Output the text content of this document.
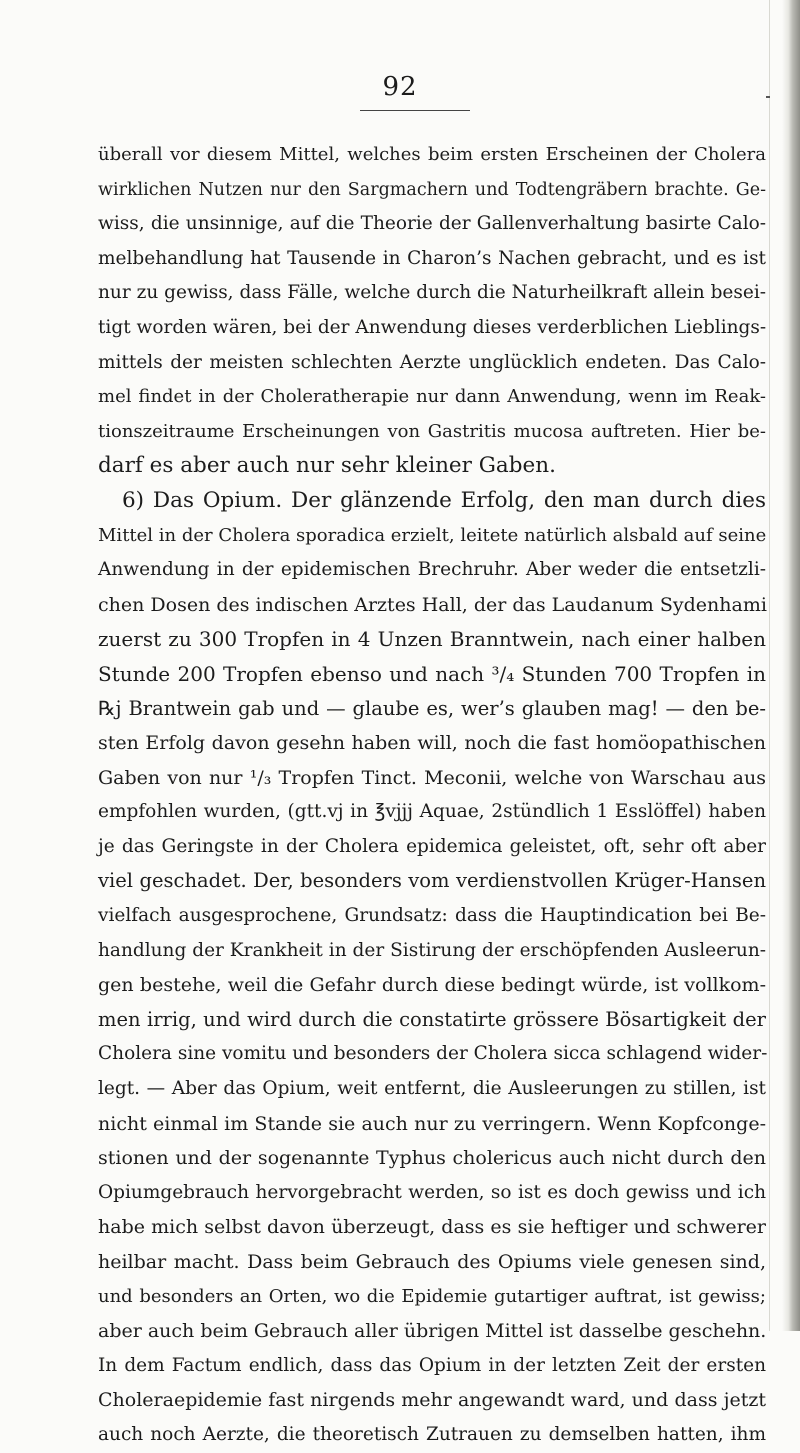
92
überall vor diesem Mittel, welches beim ersten Erscheinen der Cholera
wirklichen Nutzen nur den Sargmachern und Todtengräbern brachte. Ge-
wiss, die unsinnige, auf die Theorie der Gallenverhaltung basirte Calo-
melbehandlung hat Tausende in Charon’s Nachen gebracht, und es ist
nur zu gewiss, dass Fälle, welche durch die Naturheilkraft allein besei-
tigt worden wären, bei der Anwendung dieses verderblichen Lieblings-
mittels der meisten schlechten Aerzte unglücklich endeten. Das Calo-
mel findet in der Choleratherapie nur dann Anwendung, wenn im Reak-
tionszeitraume Erscheinungen von Gastritis mucosa auftreten. Hier be-
darf es aber auch nur sehr kleiner Gaben.
6) Das Opium. Der glänzende Erfolg, den man durch dies
Mittel in der Cholera sporadica erzielt, leitete natürlich alsbald auf seine
Anwendung in der epidemischen Brechruhr. Aber weder die entsetzli-
chen Dosen des indischen Arztes Hall, der das Laudanum Sydenhami
zuerst zu 300 Tropfen in 4 Unzen Branntwein, nach einer halben
Stunde 200 Tropfen ebenso und nach ³/₄ Stunden 700 Tropfen in
℞j Brantwein gab und — glaube es, wer’s glauben mag! — den be-
sten Erfolg davon gesehn haben will, noch die fast homöopathischen
Gaben von nur ¹/₃ Tropfen Tinct. Meconii, welche von Warschau aus
empfohlen wurden, (gtt.vj in ℥vjjj Aquae, 2stündlich 1 Esslöffel) haben
je das Geringste in der Cholera epidemica geleistet, oft, sehr oft aber
viel geschadet. Der, besonders vom verdienstvollen Krüger-Hansen
vielfach ausgesprochene, Grundsatz: dass die Hauptindication bei Be-
handlung der Krankheit in der Sistirung der erschöpfenden Ausleerun-
gen bestehe, weil die Gefahr durch diese bedingt würde, ist vollkom-
men irrig, und wird durch die constatirte grössere Bösartigkeit der
Cholera sine vomitu und besonders der Cholera sicca schlagend wider-
legt. — Aber das Opium, weit entfernt, die Ausleerungen zu stillen, ist
nicht einmal im Stande sie auch nur zu verringern. Wenn Kopfconge-
stionen und der sogenannte Typhus cholericus auch nicht durch den
Opiumgebrauch hervorgebracht werden, so ist es doch gewiss und ich
habe mich selbst davon überzeugt, dass es sie heftiger und schwerer
heilbar macht. Dass beim Gebrauch des Opiums viele genesen sind,
und besonders an Orten, wo die Epidemie gutartiger auftrat, ist gewiss;
aber auch beim Gebrauch aller übrigen Mittel ist dasselbe geschehn.
In dem Factum endlich, dass das Opium in der letzten Zeit der ersten
Choleraepidemie fast nirgends mehr angewandt ward, und dass jetzt
auch noch Aerzte, die theoretisch Zutrauen zu demselben hatten, ihm
